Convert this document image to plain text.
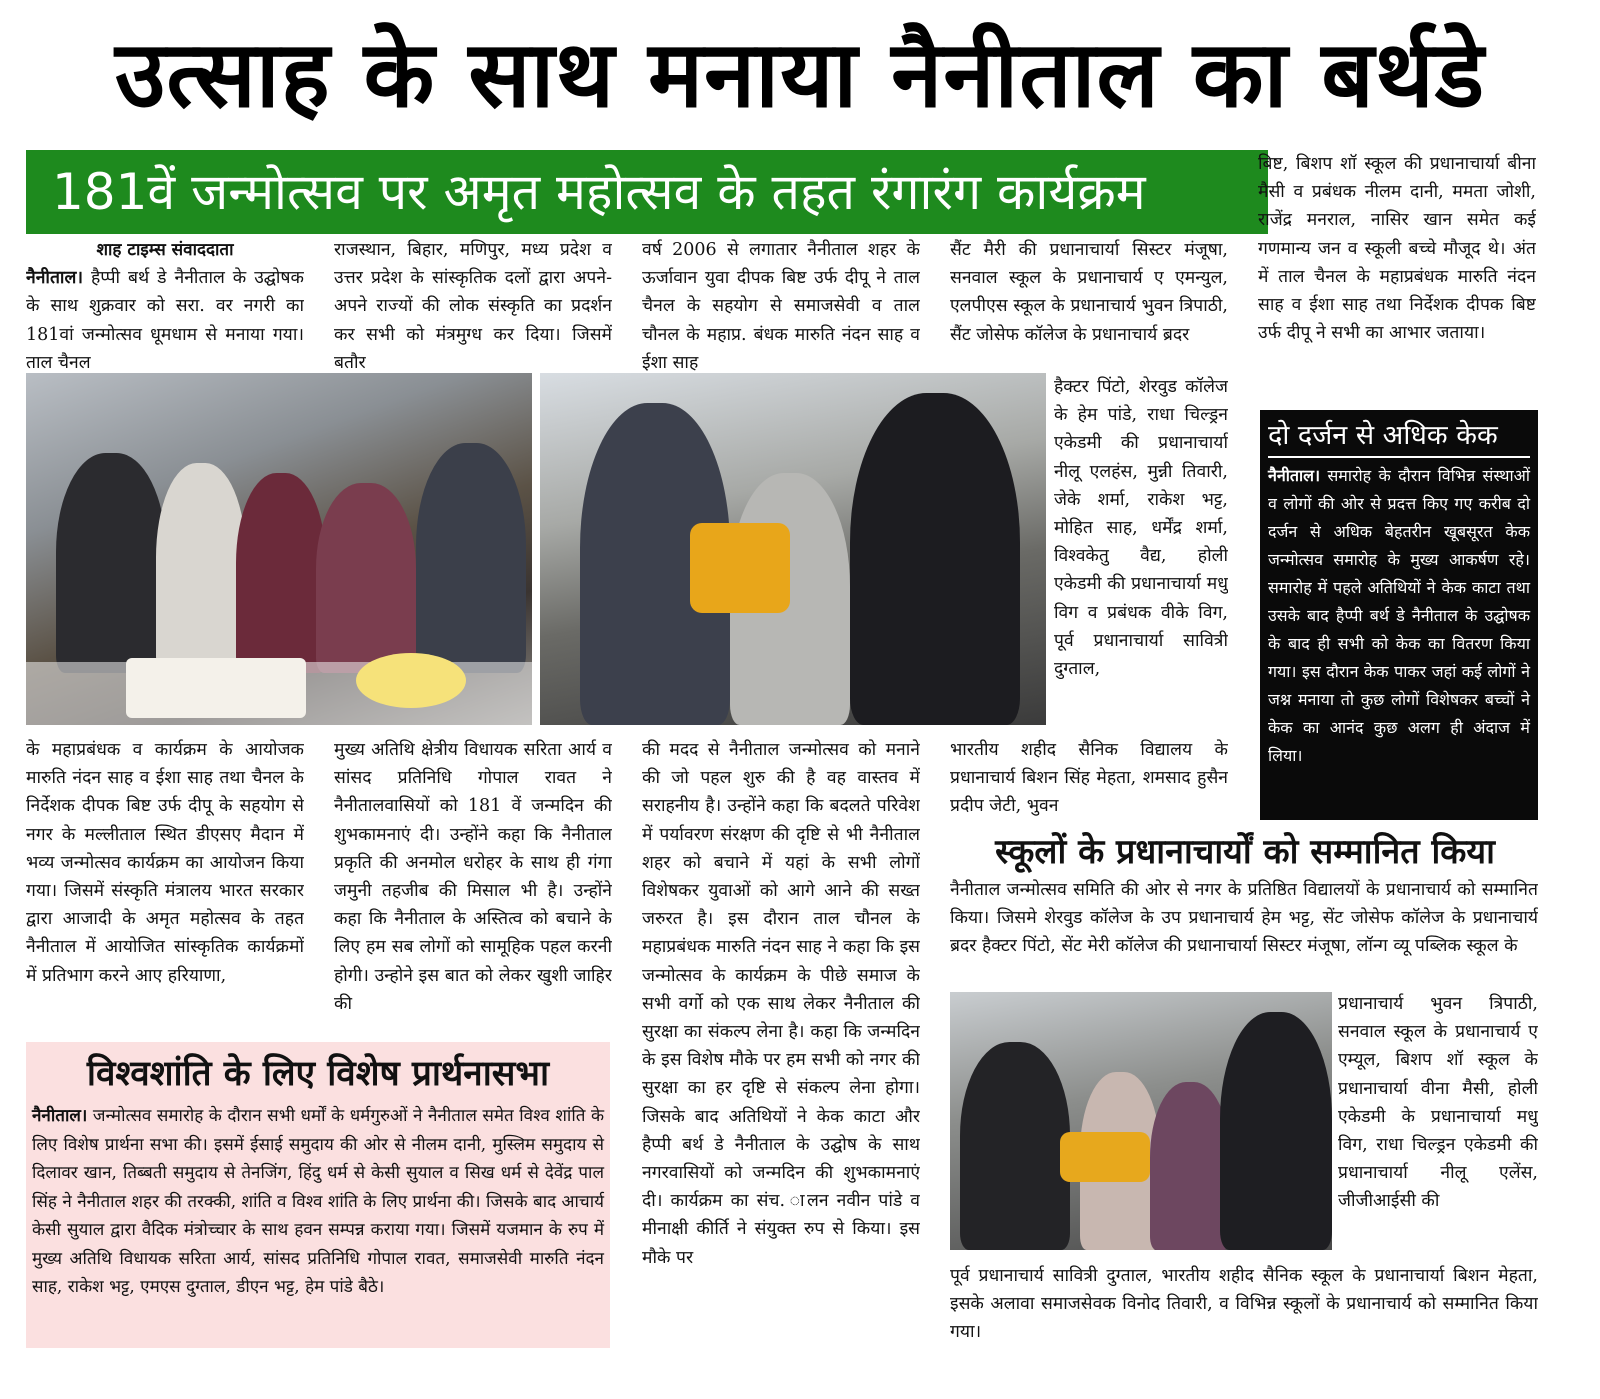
उत्साह के साथ मनाया नैनीताल का बर्थडे
181वें जन्मोत्सव पर अमृत महोत्सव के तहत रंगारंग कार्यक्रम
शाह टाइम्स संवाददाता
नैनीताल। हैप्पी बर्थ डे नैनीताल के उद्घोषक के साथ शुक्रवार को सरा. वर नगरी का 181वां जन्मोत्सव धूमधाम से मनाया गया। ताल चैनल
राजस्थान, बिहार, मणिपुर, मध्य प्रदेश व उत्तर प्रदेश के सांस्कृतिक दलों द्वारा अपने-अपने राज्यों की लोक संस्कृति का प्रदर्शन कर सभी को मंत्रमुग्ध कर दिया। जिसमें बतौर
वर्ष 2006 से लगातार नैनीताल शहर के ऊर्जावान युवा दीपक बिष्ट उर्फ दीपू ने ताल चैनल के सहयोग से समाजसेवी व ताल चौनल के महाप्र. बंधक मारुति नंदन साह व ईशा साह
सैंट मैरी की प्रधानाचार्या सिस्टर मंजूषा, सनवाल स्कूल के प्रधानाचार्य ए एमन्युल, एलपीएस स्कूल के प्रधानाचार्य भुवन त्रिपाठी, सैंट जोसेफ कॉलेज के प्रधानाचार्य ब्रदर
बिष्ट, बिशप शॉ स्कूल की प्रधानाचार्या बीना मैसी व प्रबंधक नीलम दानी, ममता जोशी, राजेंद्र मनराल, नासिर खान समेत कई गणमान्य जन व स्कूली बच्चे मौजूद थे। अंत में ताल चैनल के महाप्रबंधक मारुति नंदन साह व ईशा साह तथा निर्देशक दीपक बिष्ट उर्फ दीपू ने सभी का आभार जताया।
हैक्टर पिंटो, शेरवुड कॉलेज के हेम पांडे, राधा चिल्ड्रन एकेडमी की प्रधानाचार्या नीलू एलहंस, मुन्नी तिवारी, जेके शर्मा, राकेश भट्ट, मोहित साह, धर्मेंद्र शर्मा, विश्वकेतु वैद्य, होली एकेडमी की प्रधानाचार्या मधु विग व प्रबंधक वीके विग, पूर्व प्रधानाचार्या सावित्री दुग्ताल,
दो दर्जन से अधिक केक
नैनीताल। समारोह के दौरान विभिन्न संस्थाओं व लोगों की ओर से प्रदत्त किए गए करीब दो दर्जन से अधिक बेहतरीन खूबसूरत केक जन्मोत्सव समारोह के मुख्य आकर्षण रहे। समारोह में पहले अतिथियों ने केक काटा तथा उसके बाद हैप्पी बर्थ डे नैनीताल के उद्घोषक के बाद ही सभी को केक का वितरण किया गया। इस दौरान केक पाकर जहां कई लोगों ने जश्न मनाया तो कुछ लोगों विशेषकर बच्चों ने केक का आनंद कुछ अलग ही अंदाज में लिया।
के महाप्रबंधक व कार्यक्रम के आयोजक मारुति नंदन साह व ईशा साह तथा चैनल के निर्देशक दीपक बिष्ट उर्फ दीपू के सहयोग से नगर के मल्लीताल स्थित डीएसए मैदान में भव्य जन्मोत्सव कार्यक्रम का आयोजन किया गया। जिसमें संस्कृति मंत्रालय भारत सरकार द्वारा आजादी के अमृत महोत्सव के तहत नैनीताल में आयोजित सांस्कृतिक कार्यक्रमों में प्रतिभाग करने आए हरियाणा,
मुख्य अतिथि क्षेत्रीय विधायक सरिता आर्य व सांसद प्रतिनिधि गोपाल रावत ने नैनीतालवासियों को 181 वें जन्मदिन की शुभकामनाएं दी। उन्होंने कहा कि नैनीताल प्रकृति की अनमोल धरोहर के साथ ही गंगा जमुनी तहजीब की मिसाल भी है। उन्होंने कहा कि नैनीताल के अस्तित्व को बचाने के लिए हम सब लोगों को सामूहिक पहल करनी होगी। उन्होने इस बात को लेकर खुशी जाहिर की
की मदद से नैनीताल जन्मोत्सव को मनाने की जो पहल शुरु की है वह वास्तव में सराहनीय है। उन्होंने कहा कि बदलते परिवेश में पर्यावरण संरक्षण की दृष्टि से भी नैनीताल शहर को बचाने में यहां के सभी लोगों विशेषकर युवाओं को आगे आने की सख्त जरुरत है। इस दौरान ताल चौनल के महाप्रबंधक मारुति नंदन साह ने कहा कि इस जन्मोत्सव के कार्यक्रम के पीछे समाज के सभी वर्गो को एक साथ लेकर नैनीताल की सुरक्षा का संकल्प लेना है। कहा कि जन्मदिन के इस विशेष मौके पर हम सभी को नगर की सुरक्षा का हर दृष्टि से संकल्प लेना होगा। जिसके बाद अतिथियों ने केक काटा और हैप्पी बर्थ डे नैनीताल के उद्घोष के साथ नगरवासियों को जन्मदिन की शुभकामनाएं दी। कार्यक्रम का संच. ालन नवीन पांडे व मीनाक्षी कीर्ति ने संयुक्त रुप से किया। इस मौके पर
भारतीय शहीद सैनिक विद्यालय के प्रधानाचार्य बिशन सिंह मेहता, शमसाद हुसैन प्रदीप जेटी, भुवन
विश्वशांति के लिए विशेष प्रार्थनासभा
नैनीताल। जन्मोत्सव समारोह के दौरान सभी धर्मों के धर्मगुरुओं ने नैनीताल समेत विश्व शांति के लिए विशेष प्रार्थना सभा की। इसमें ईसाई समुदाय की ओर से नीलम दानी, मुस्लिम समुदाय से दिलावर खान, तिब्बती समुदाय से तेनजिंग, हिंदु धर्म से केसी सुयाल व सिख धर्म से देवेंद्र पाल सिंह ने नैनीताल शहर की तरक्की, शांति व विश्व शांति के लिए प्रार्थना की। जिसके बाद आचार्य केसी सुयाल द्वारा वैदिक मंत्रोच्चार के साथ हवन सम्पन्न कराया गया। जिसमें यजमान के रुप में मुख्य अतिथि विधायक सरिता आर्य, सांसद प्रतिनिधि गोपाल रावत, समाजसेवी मारुति नंदन साह, राकेश भट्ट, एमएस दुग्ताल, डीएन भट्ट, हेम पांडे बैठे।
स्कूलों के प्रधानाचार्यों को सम्मानित किया
नैनीताल जन्मोत्सव समिति की ओर से नगर के प्रतिष्ठित विद्यालयों के प्रधानाचार्य को सम्मानित किया। जिसमे शेरवुड कॉलेज के उप प्रधानाचार्य हेम भट्ट, सेंट जोसेफ कॉलेज के प्रधानाचार्य ब्रदर हैक्टर पिंटो, सेंट मेरी कॉलेज की प्रधानाचार्या सिस्टर मंजूषा, लॉन्ग व्यू पब्लिक स्कूल के
प्रधानाचार्य भुवन त्रिपाठी, सनवाल स्कूल के प्रधानाचार्य ए एम्यूल, बिशप शॉ स्कूल के प्रधानाचार्या वीना मैसी, होली एकेडमी के प्रधानाचार्या मधु विग, राधा चिल्ड्रन एकेडमी की प्रधानाचार्या नीलू एलेंस, जीजीआईसी की
पूर्व प्रधानाचार्य सावित्री दुग्ताल, भारतीय शहीद सैनिक स्कूल के प्रधानाचार्या बिशन मेहता, इसके अलावा समाजसेवक विनोद तिवारी, व विभिन्न स्कूलों के प्रधानाचार्य को सम्मानित किया गया।
